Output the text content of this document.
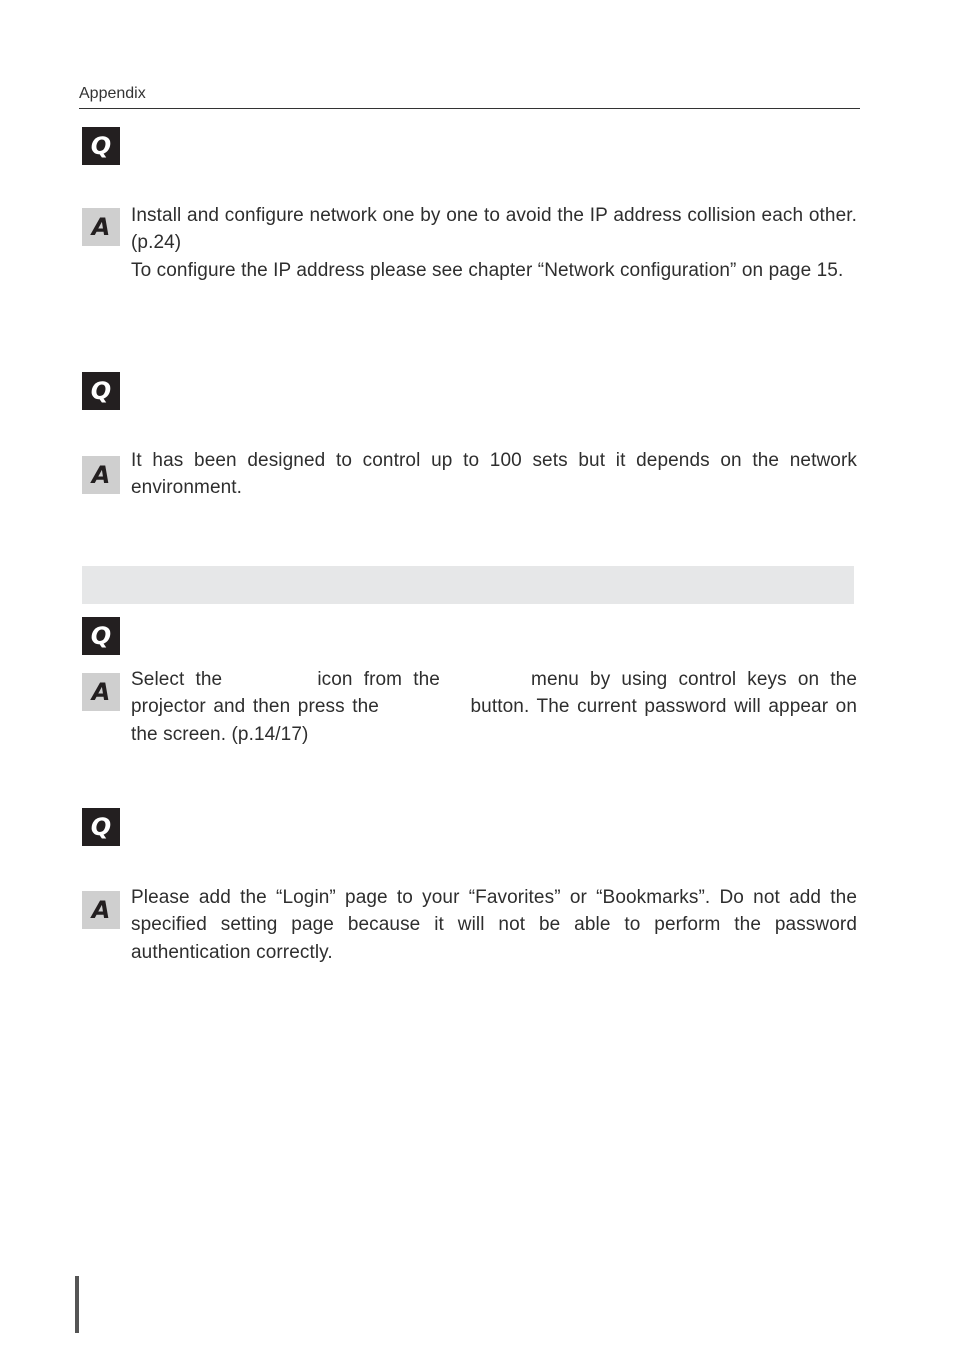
Appendix
Q
A	Install and configure network one by one to avoid the IP address collision each other. (p.24)

To configure the IP address please see chapter “Network configuration” on page 15.

Q
A

It has been designed to control up to 100 sets but it depends on the network environment.

Q
A	Select the	icon from the	menu by using control keys on the projector and then press the	button. The current password will appear on the screen. (p.14/17)

Q
A	Please add the “Login” page to your “Favorites” or “Bookmarks”. Do not add the specified setting page because it will not be able to perform the password authentication correctly.
